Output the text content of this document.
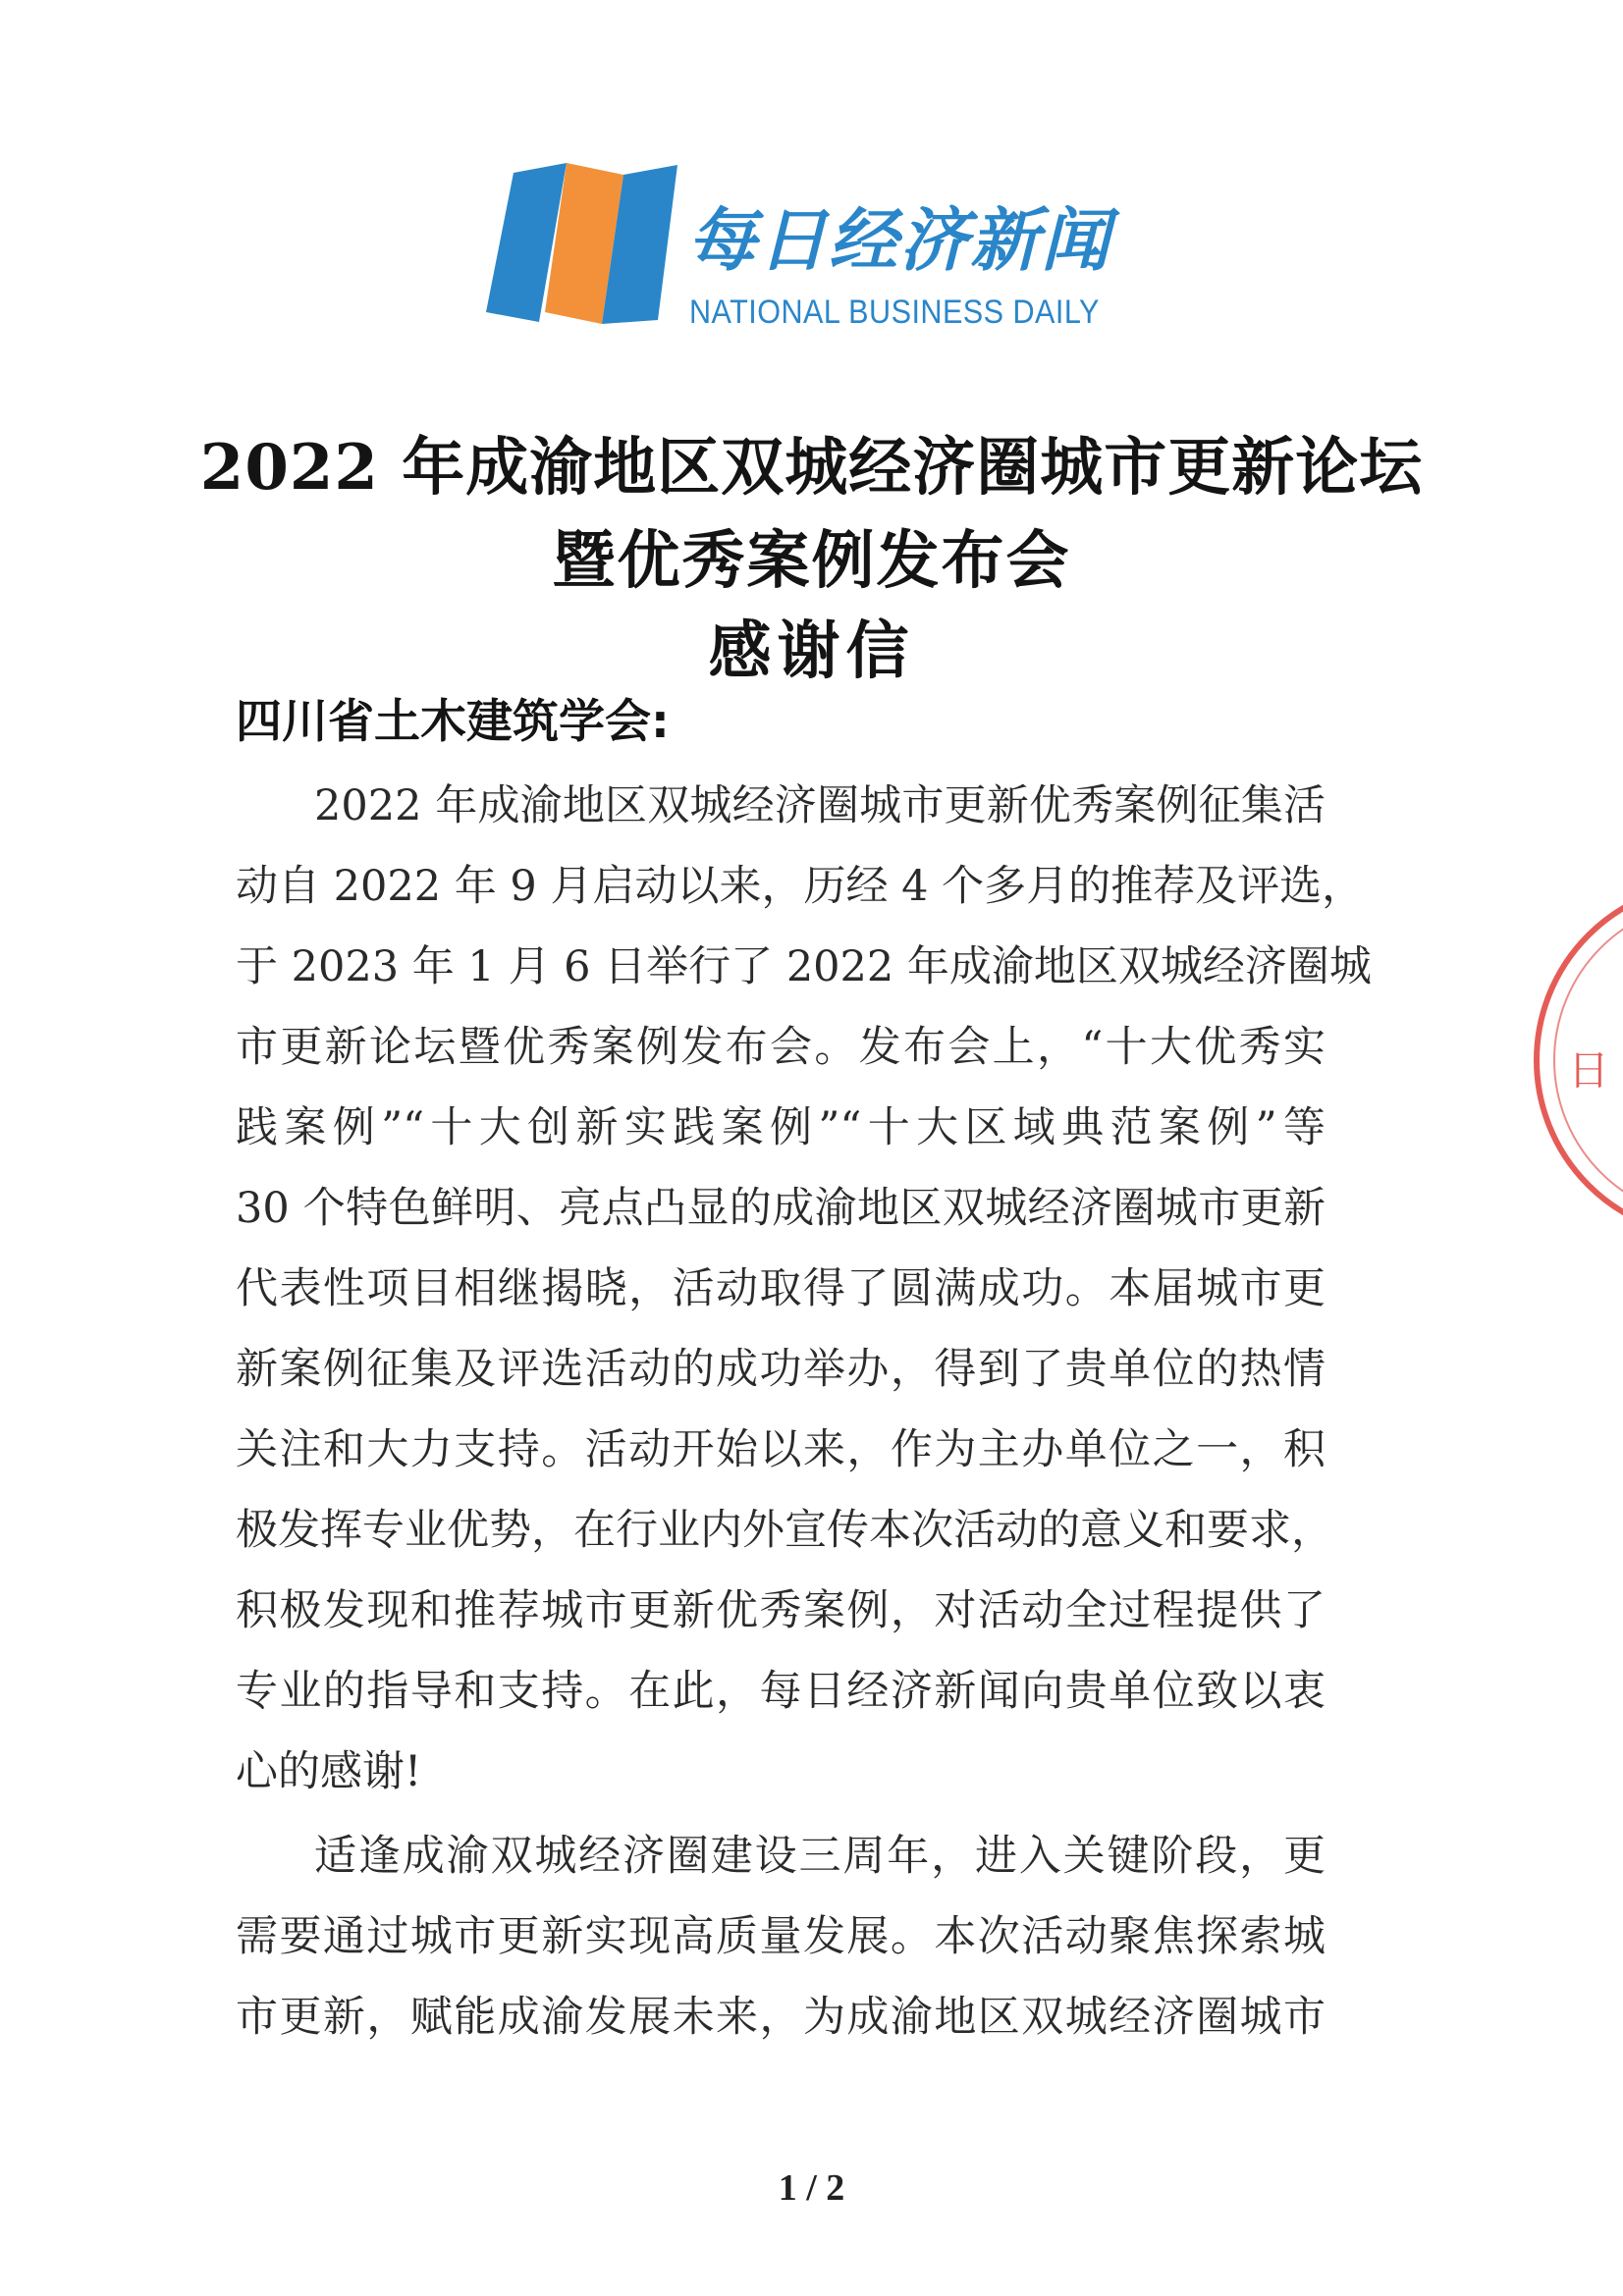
每日经济新闻
NATIONAL BUSINESS DAILY
2022 年成渝地区双城经济圈城市更新论坛
暨优秀案例发布会
感谢信
四川省土木建筑学会:
2022 年成渝地区双城经济圈城市更新优秀案例征集活
动自 2022 年 9 月启动以来，历经 4 个多月的推荐及评选，
于 2023 年 1 月 6 日举行了 2022 年成渝地区双城经济圈城
市更新论坛暨优秀案例发布会。发布会上，“十大优秀实
践案例”“十大创新实践案例”“十大区域典范案例”等
30 个特色鲜明、亮点凸显的成渝地区双城经济圈城市更新
代表性项目相继揭晓，活动取得了圆满成功。本届城市更
新案例征集及评选活动的成功举办，得到了贵单位的热情
关注和大力支持。活动开始以来，作为主办单位之一，积
极发挥专业优势，在行业内外宣传本次活动的意义和要求，
积极发现和推荐城市更新优秀案例，对活动全过程提供了
专业的指导和支持。在此，每日经济新闻向贵单位致以衷
心的感谢!
适逢成渝双城经济圈建设三周年，进入关键阶段，更
需要通过城市更新实现高质量发展。本次活动聚焦探索城
市更新，赋能成渝发展未来，为成渝地区双城经济圈城市
日
1 / 2
